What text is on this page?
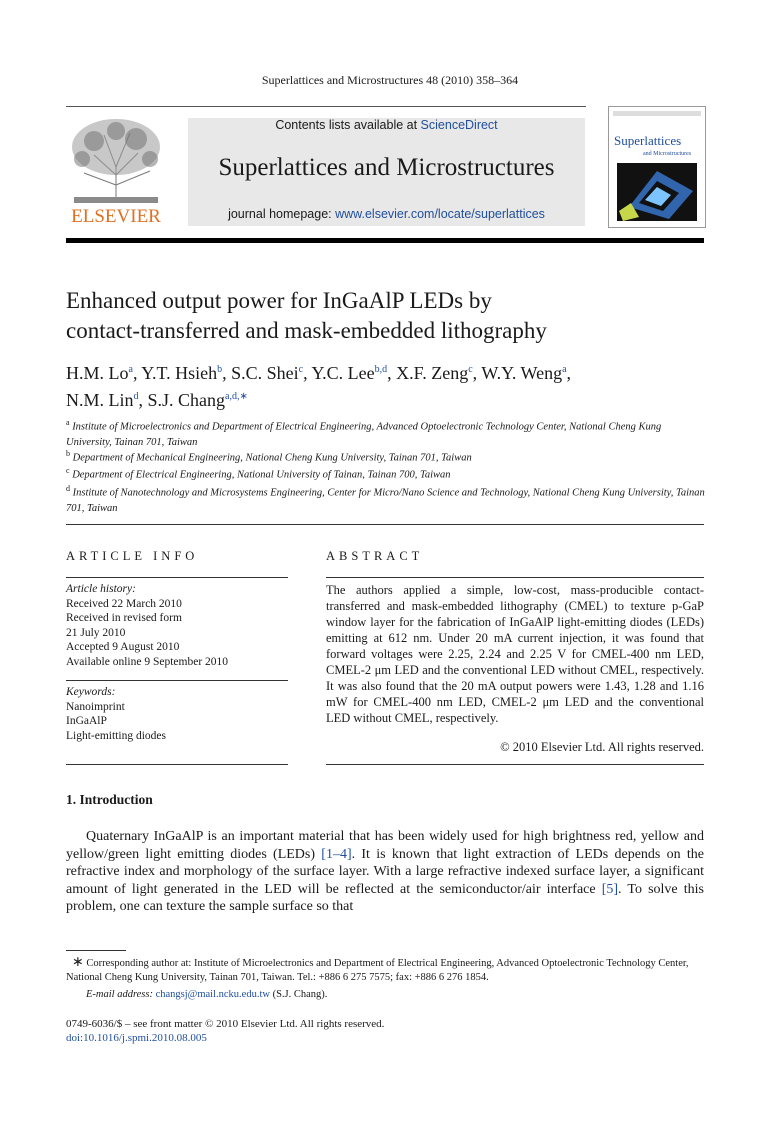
Superlattices and Microstructures 48 (2010) 358–364
ELSEVIER
Contents lists available at ScienceDirect
Superlattices and Microstructures
journal homepage: www.elsevier.com/locate/superlattices
Superlattices
and Microstructures
Enhanced output power for InGaAlP LEDs by
contact-transferred and mask-embedded lithography
H.M. Lo$^a$, Y.T. Hsieh$^b$, S.C. Shei$^c$, Y.C. Lee$^{b,d}$, X.F. Zeng$^c$, W.Y. Weng$^a$,
N.M. Lin$^d$, S.J. Chang$^{a,d,∗}$
$^a$ Institute of Microelectronics and Department of Electrical Engineering, Advanced Optoelectronic Technology Center, National Cheng Kung University, Tainan 701, Taiwan
$^b$ Department of Mechanical Engineering, National Cheng Kung University, Tainan 701, Taiwan
$^c$ Department of Electrical Engineering, National University of Tainan, Tainan 700, Taiwan
$^d$ Institute of Nanotechnology and Microsystems Engineering, Center for Micro/Nano Science and Technology, National Cheng Kung University, Tainan 701, Taiwan
ARTICLE INFO
Article history:
Received 22 March 2010
Received in revised form
21 July 2010
Accepted 9 August 2010
Available online 9 September 2010
Keywords:
Nanoimprint
InGaAlP
Light-emitting diodes
ABSTRACT
The authors applied a simple, low-cost, mass-producible contact-transferred and mask-embedded lithography (CMEL) to texture p-GaP window layer for the fabrication of InGaAlP light-emitting diodes (LEDs) emitting at 612 nm. Under 20 mA current injection, it was found that forward voltages were 2.25, 2.24 and 2.25 V for CMEL-400 nm LED, CMEL-2 μm LED and the conventional LED without CMEL, respectively. It was also found that the 20 mA output powers were 1.43, 1.28 and 1.16 mW for CMEL-400 nm LED, CMEL-2 μm LED and the conventional LED without CMEL, respectively.
© 2010 Elsevier Ltd. All rights reserved.
1. Introduction
Quaternary InGaAlP is an important material that has been widely used for high brightness red, yellow and yellow/green light emitting diodes (LEDs) [1–4]. It is known that light extraction of LEDs depends on the refractive index and morphology of the surface layer. With a large refractive indexed surface layer, a significant amount of light generated in the LED will be reflected at the semiconductor/air interface [5]. To solve this problem, one can texture the sample surface so that
∗ Corresponding author at: Institute of Microelectronics and Department of Electrical Engineering, Advanced Optoelectronic Technology Center, National Cheng Kung University, Tainan 701, Taiwan. Tel.: +886 6 275 7575; fax: +886 6 276 1854.
E-mail address: changsj@mail.ncku.edu.tw (S.J. Chang).
0749-6036/$ – see front matter © 2010 Elsevier Ltd. All rights reserved.
doi:10.1016/j.spmi.2010.08.005
